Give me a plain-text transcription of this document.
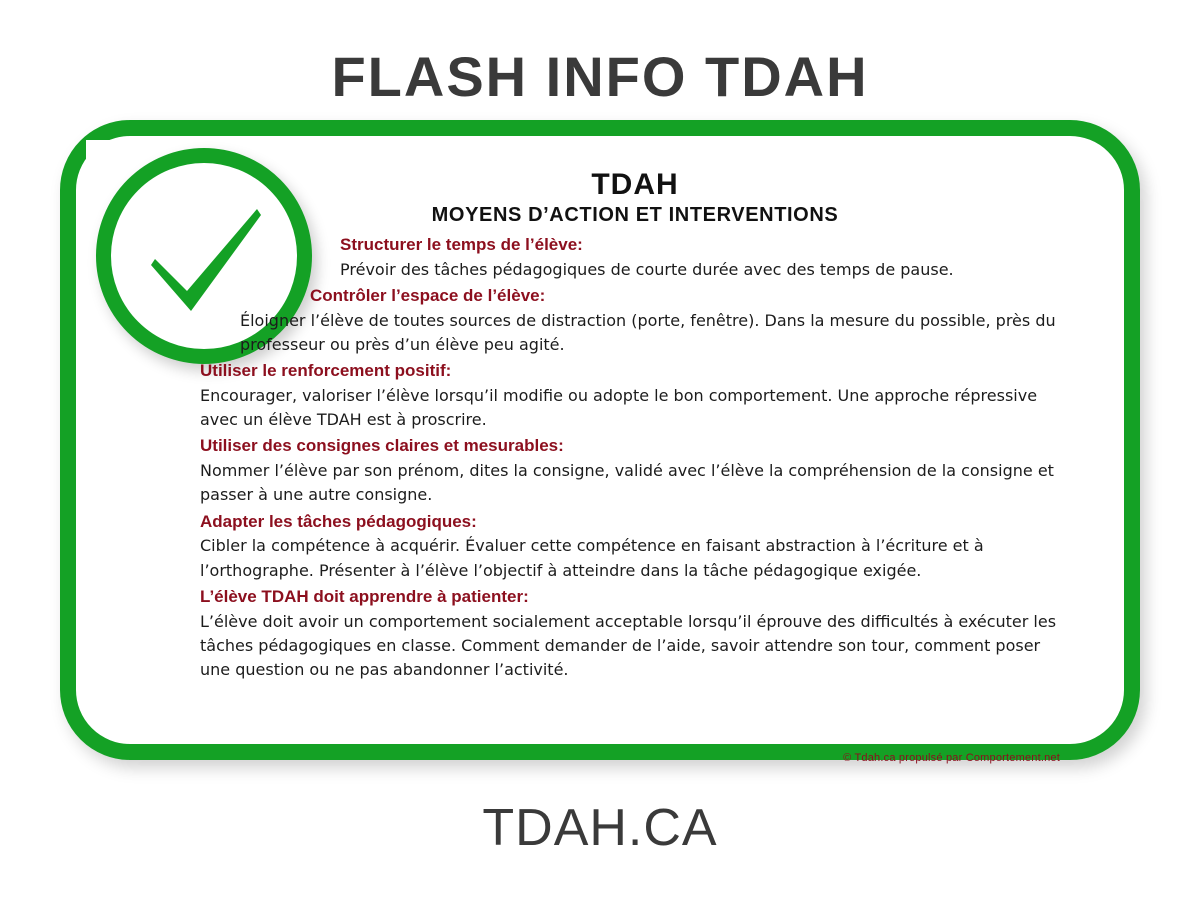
FLASH INFO TDAH
TDAH
MOYENS D’ACTION ET INTERVENTIONS
Structurer le temps de l’élève:
Prévoir des tâches pédagogiques de courte durée avec des temps de pause.
Contrôler l’espace de l’élève:
Éloigner l’élève de toutes sources de distraction (porte, fenêtre). Dans la mesure du possible, près du professeur ou près d’un élève peu agité.
Utiliser le renforcement positif:
Encourager, valoriser l’élève lorsqu’il modifie ou adopte le bon comportement. Une approche répressive avec un élève TDAH est à proscrire.
Utiliser des consignes claires et mesurables:
Nommer l’élève par son prénom, dites la consigne, validé avec l’élève la compréhension de la consigne et passer à une autre consigne.
Adapter les tâches pédagogiques:
Cibler la compétence à acquérir. Évaluer cette compétence en faisant abstraction à l’écriture et à l’orthographe. Présenter à l’élève l’objectif à atteindre dans la tâche pédagogique exigée.
L’élève TDAH doit apprendre à patienter:
L’élève doit avoir un comportement socialement acceptable lorsqu’il éprouve des difficultés à exécuter les tâches pédagogiques en classe. Comment demander de l’aide, savoir attendre son tour, comment poser une question ou ne pas abandonner l’activité.
© Tdah.ca propulsé par Comportement.net
TDAH.CA
